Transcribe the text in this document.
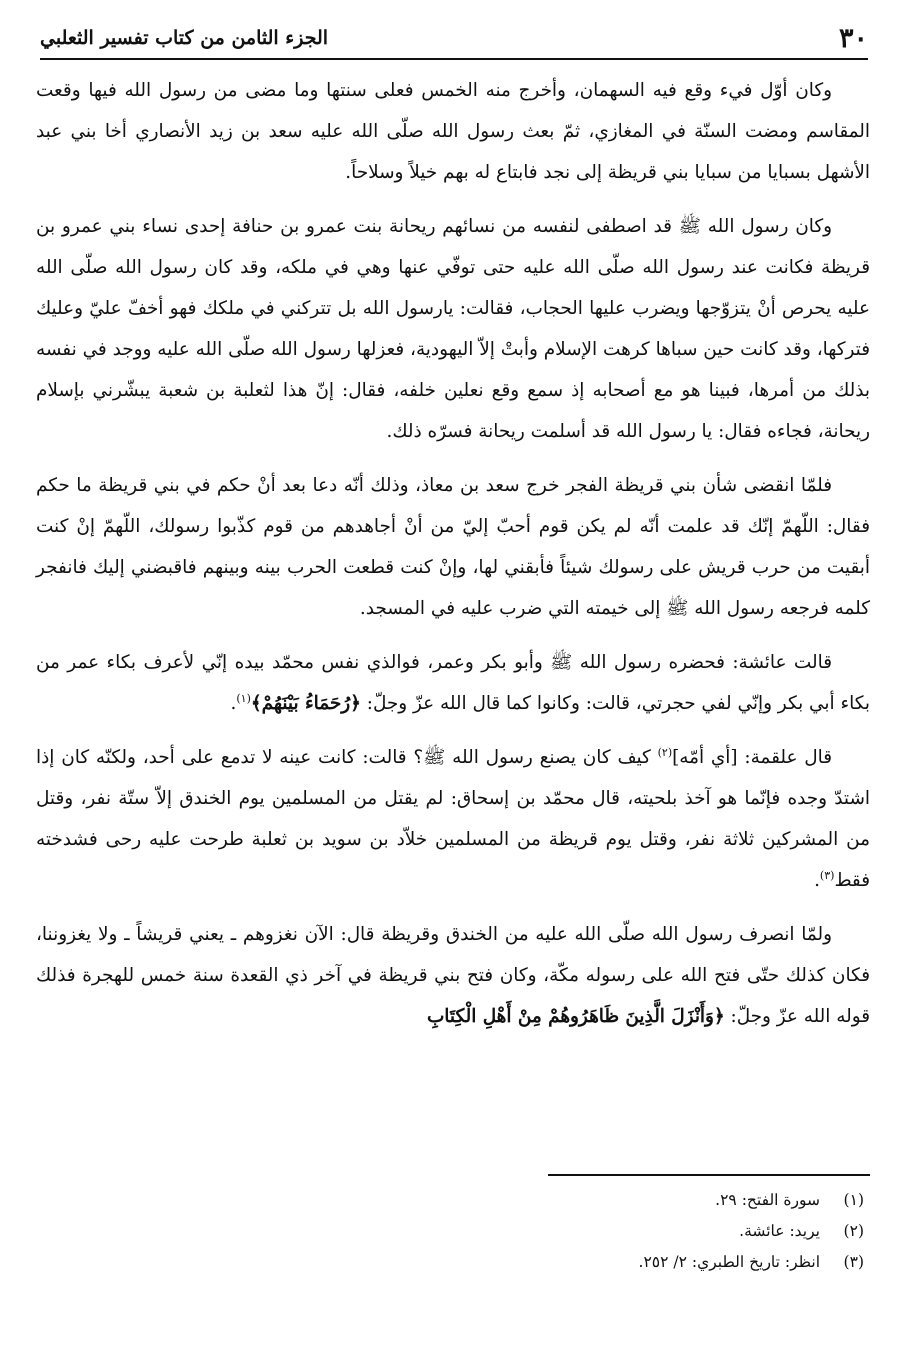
٣٠
الجزء الثامن من كتاب تفسير الثعلبي

وكان أوّل فيء وقع فيه السهمان، وأخرج منه الخمس فعلى سنتها وما مضى من رسول الله فيها وقعت المقاسم ومضت السنّة في المغازي، ثمّ بعث رسول الله صلّى الله عليه سعد بن زيد الأنصاري أخا بني عبد الأشهل بسبايا من سبايا بني قريظة إلى نجد فابتاع له بهم خيلاً وسلاحاً.

وكان رسول الله ﷺ قد اصطفى لنفسه من نسائهم ريحانة بنت عمرو بن حنافة إحدى نساء بني عمرو بن قريظة فكانت عند رسول الله صلّى الله عليه حتى توفّي عنها وهي في ملكه، وقد كان رسول الله صلّى الله عليه يحرص أنْ يتزوّجها ويضرب عليها الحجاب، فقالت: يارسول الله بل تتركني في ملكك فهو أخفّ عليّ وعليك فتركها، وقد كانت حين سباها كرهت الإسلام وأبتْ إلاّ اليهودية، فعزلها رسول الله صلّى الله عليه ووجد في نفسه بذلك من أمرها، فبينا هو مع أصحابه إذ سمع وقع نعلين خلفه، فقال: إنّ هذا لثعلبة بن شعبة يبشّرني بإسلام ريحانة، فجاءه فقال: يا رسول الله قد أسلمت ريحانة فسرّه ذلك.

فلمّا انقضى شأن بني قريظة الفجر خرج سعد بن معاذ، وذلك أنّه دعا بعد أنْ حكم في بني قريظة ما حكم فقال: اللّهمّ إنّك قد علمت أنّه لم يكن قوم أحبّ إليّ من أنْ أجاهدهم من قوم كذّبوا رسولك، اللّهمّ إنْ كنت أبقيت من حرب قريش على رسولك شيئاً فأبقني لها، وإنْ كنت قطعت الحرب بينه وبينهم فاقبضني إليك فانفجر كلمه فرجعه رسول الله ﷺ إلى خيمته التي ضرب عليه في المسجد.

قالت عائشة: فحضره رسول الله ﷺ وأبو بكر وعمر، فوالذي نفس محمّد بيده إنّي لأعرف بكاء عمر من بكاء أبي بكر وإنّي لفي حجرتي، قالت: وكانوا كما قال الله عزّ وجلّ: ﴿رُحَمَاءُ بَيْنَهُمْ﴾$^{(١)}$.

قال علقمة: [أي أمّه]$^{(٢)}$ كيف كان يصنع رسول الله ﷺ؟ قالت: كانت عينه لا تدمع على أحد، ولكنّه كان إذا اشتدّ وجده فإنّما هو آخذ بلحيته، قال محمّد بن إسحاق: لم يقتل من المسلمين يوم الخندق إلاّ ستّة نفر، وقتل من المشركين ثلاثة نفر، وقتل يوم قريظة من المسلمين خلاّد بن سويد بن ثعلبة طرحت عليه رحى فشدخته فقط$^{(٣)}$.

ولمّا انصرف رسول الله صلّى الله عليه من الخندق وقريظة قال: الآن نغزوهم ـ يعني قريشاً ـ ولا يغزوننا، فكان كذلك حتّى فتح الله على رسوله مكّة، وكان فتح بني قريظة في آخر ذي القعدة سنة خمس للهجرة فذلك قوله الله عزّ وجلّ: ﴿وَأَنْزَلَ الَّذِينَ ظَاهَرُوهُمْ مِنْ أَهْلِ الْكِتَابِ

(١)
سورة الفتح: ٢٩.
(٢)
يريد: عائشة.
(٣)
انظر: تاريخ الطبري: ٢/ ٢٥٢.
